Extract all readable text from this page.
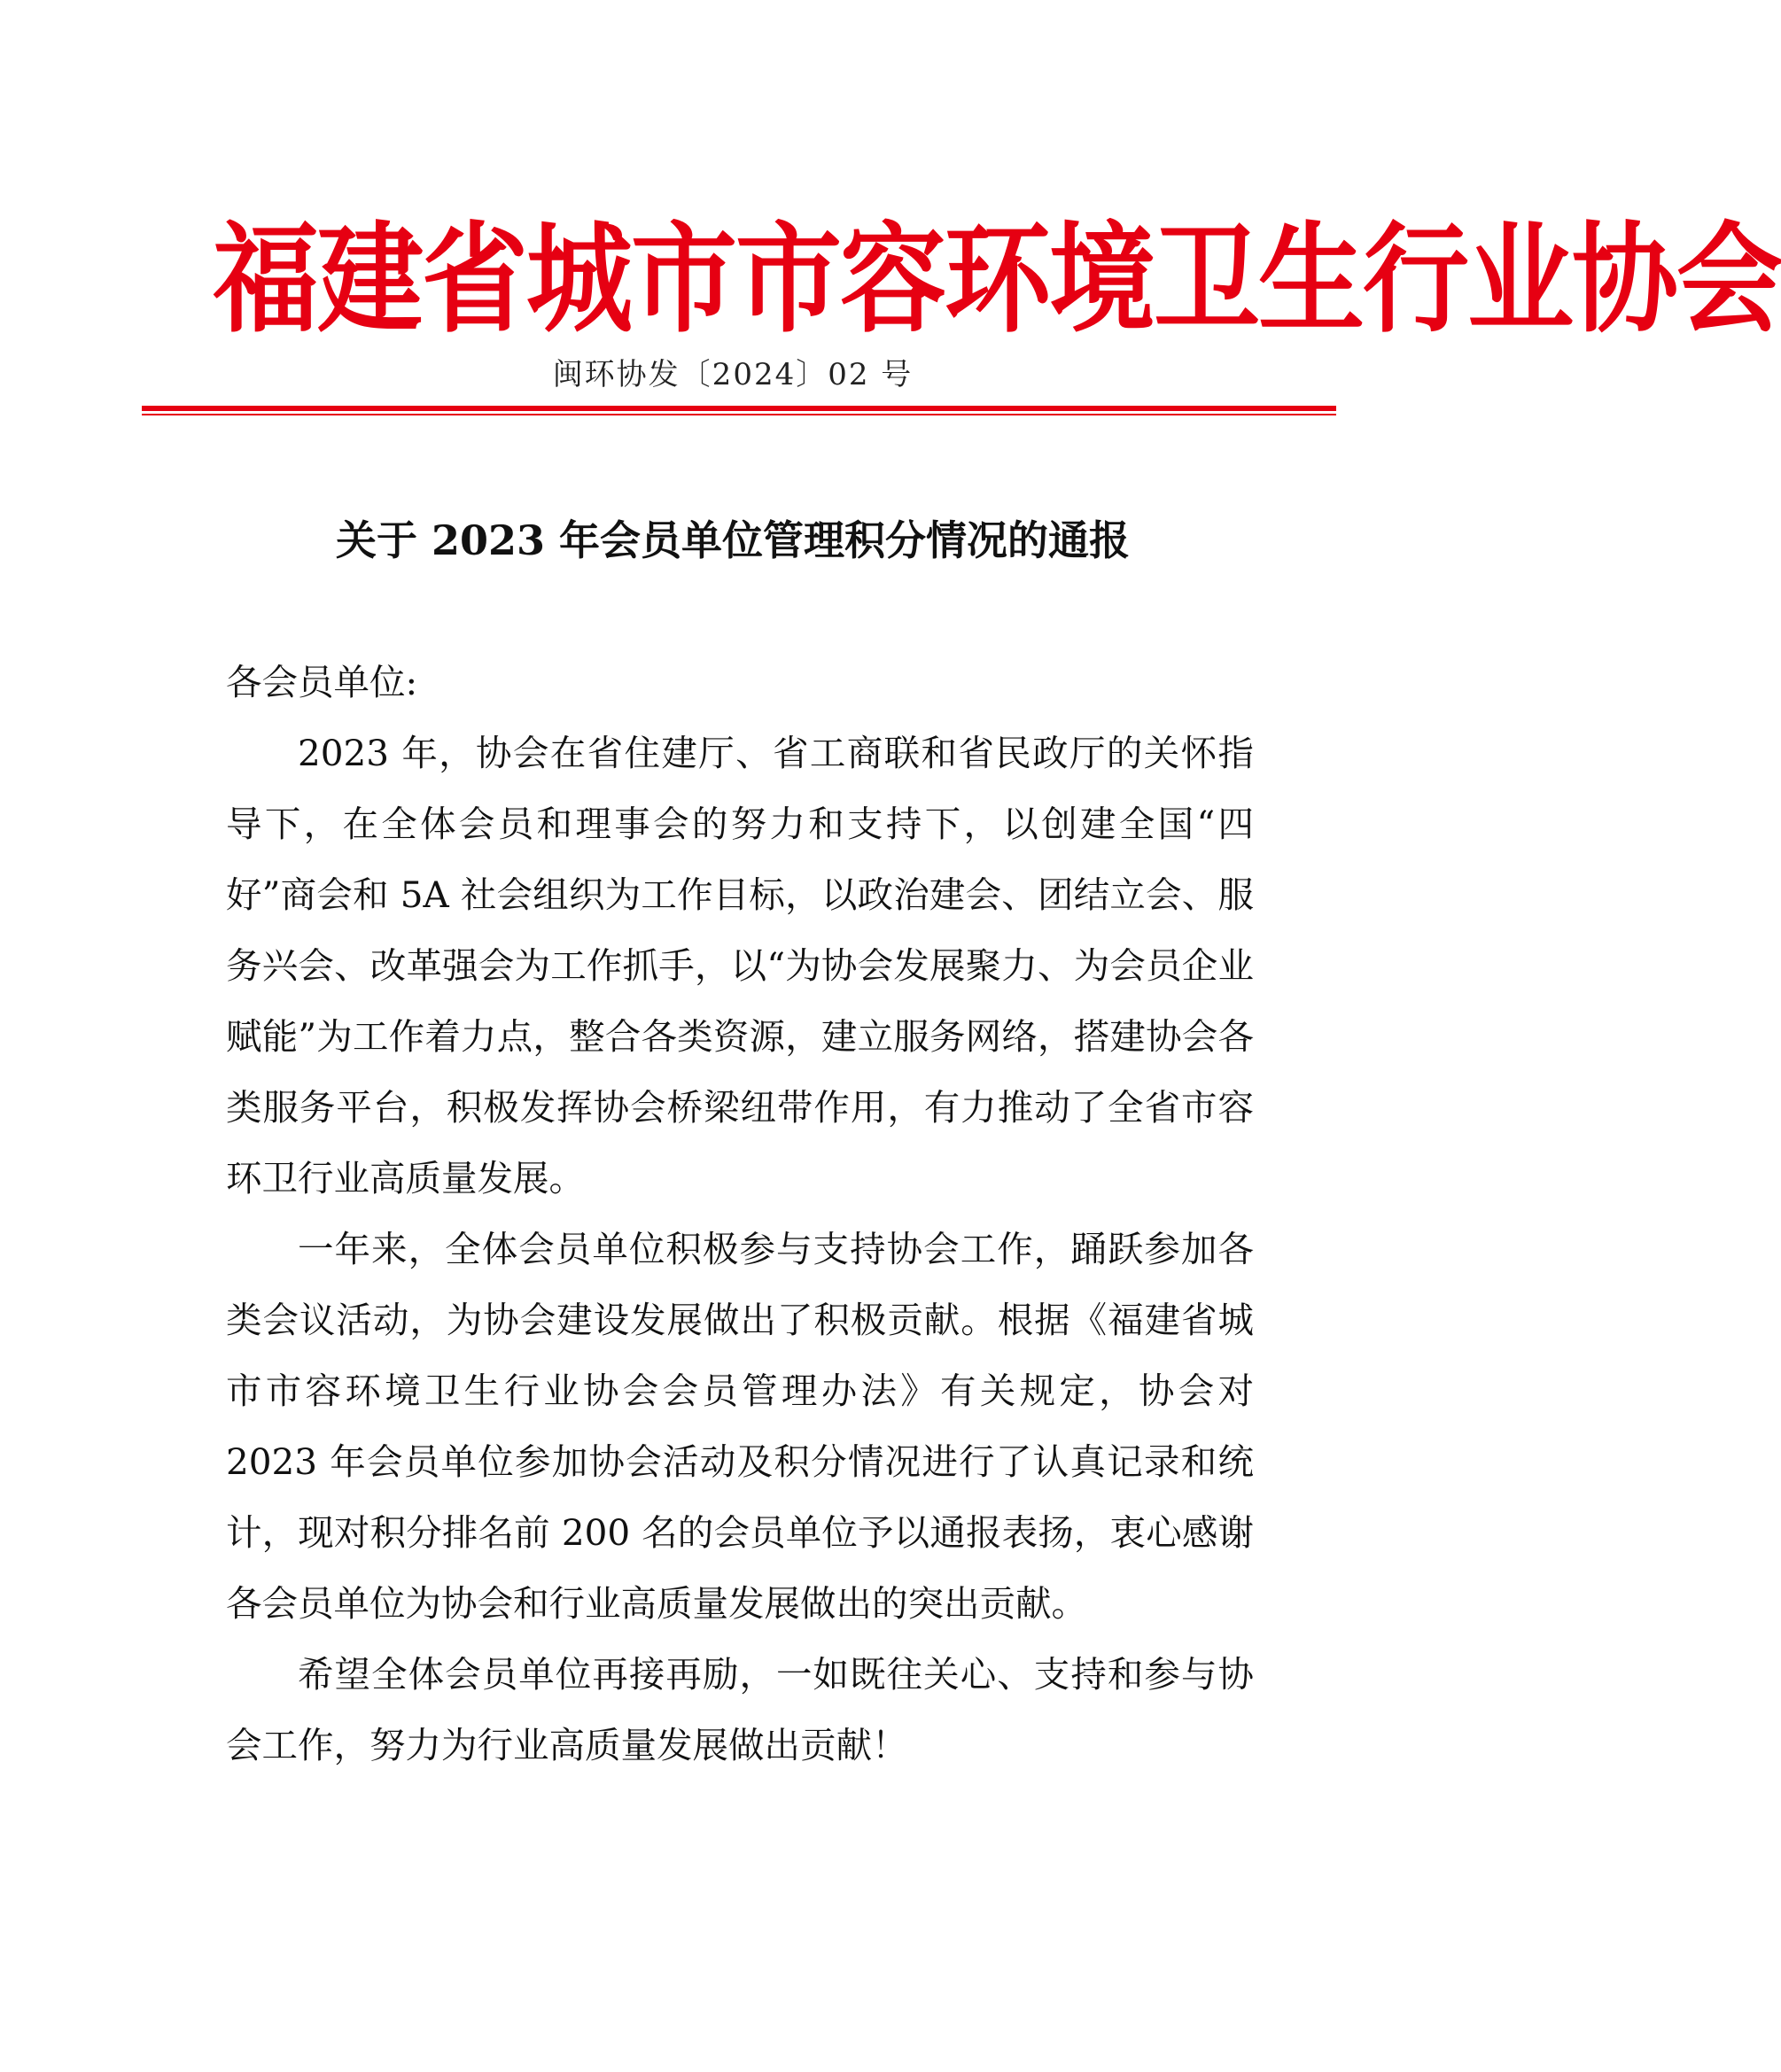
福建省城市市容环境卫生行业协会
闽环协发〔2024〕02 号
关于 2023 年会员单位管理积分情况的通报

各会员单位:

2023 年，协会在省住建厅、省工商联和省民政厅的关怀指导下，在全体会员和理事会的努力和支持下，以创建全国“四好”商会和 5A 社会组织为工作目标，以政治建会、团结立会、服务兴会、改革强会为工作抓手，以“为协会发展聚力、为会员企业赋能”为工作着力点，整合各类资源，建立服务网络，搭建协会各类服务平台，积极发挥协会桥梁纽带作用，有力推动了全省市容环卫行业高质量发展。

一年来，全体会员单位积极参与支持协会工作，踊跃参加各类会议活动，为协会建设发展做出了积极贡献。根据《福建省城市市容环境卫生行业协会会员管理办法》有关规定，协会对 2023 年会员单位参加协会活动及积分情况进行了认真记录和统计，现对积分排名前 200 名的会员单位予以通报表扬，衷心感谢各会员单位为协会和行业高质量发展做出的突出贡献。

希望全体会员单位再接再励，一如既往关心、支持和参与协会工作，努力为行业高质量发展做出贡献！
